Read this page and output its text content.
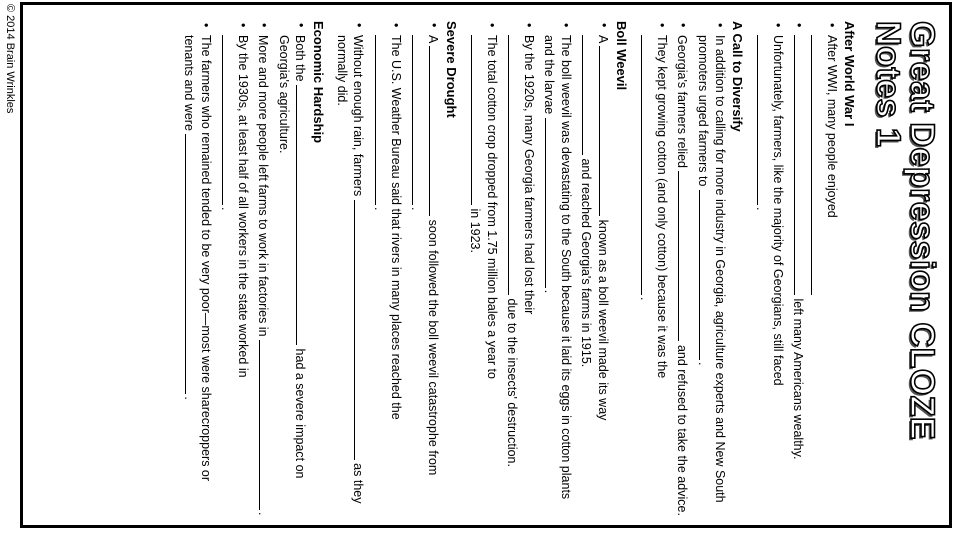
© 2014 Brain Wrinkles	Great Depression CLOZE Notes 1
After World War I
• After WWI, many people enjoyed
• left many Americans wealthy.
• Unfortunately, farmers, like the majority of Georgians, still faced .
A Call to Diversify
• In addition to calling for more industry in Georgia, agriculture experts and New South promoters urged farmers to .
• Georgia's farmers relied  and refused to take the advice.
• They kept growing cotton (and only cotton) because it was the .
Boll Weevil
• A  known as a boll weevil made its way  and reached Georgia's farms in 1915.
• The boll weevil was devastating to the South because it laid its eggs in cotton plants and the larvae .
• By the 1920s, many Georgia farmers had lost their  due to the insects' destruction.
• The total cotton crop dropped from 1.75 million bales a year to  in 1923.
Severe Drought
• A  soon followed the boll weevil catastrophe from .
• The U.S. Weather Bureau said that rivers in many places reached the .
• Without enough rain, farmers  as they normally did.
Economic Hardship
• Both the  had a severe impact on Georgia's agriculture.
• More and more people left farms to work in factories in .
• By the 1930s, at least half of all workers in the state worked in .
• The farmers who remained tended to be very poor—most were sharecroppers or tenants and were .
